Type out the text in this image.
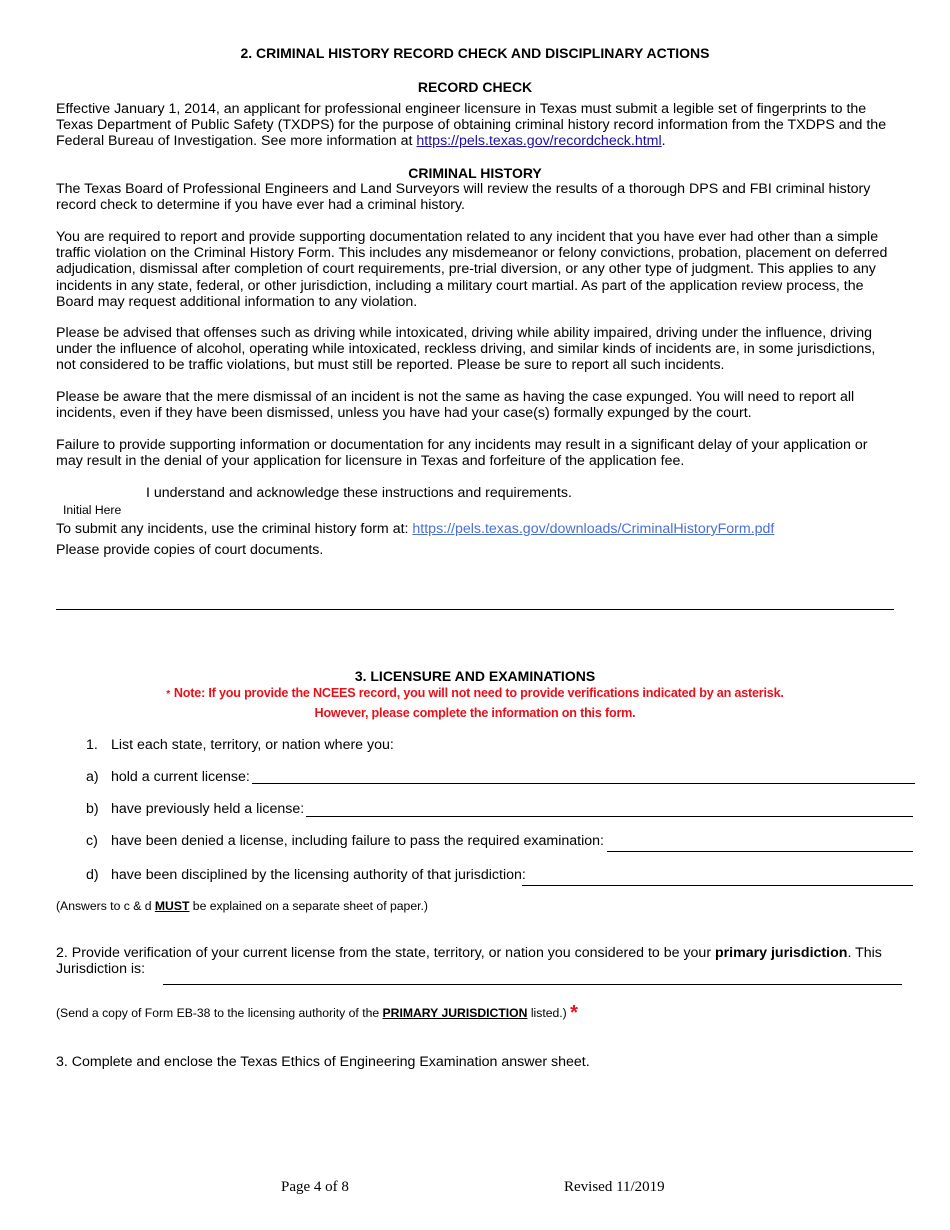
2. CRIMINAL HISTORY RECORD CHECK AND DISCIPLINARY ACTIONS
RECORD CHECK
Effective January 1, 2014, an applicant for professional engineer licensure in Texas must submit a legible set of fingerprints to the Texas Department of Public Safety (TXDPS) for the purpose of obtaining criminal history record information from the TXDPS and the Federal Bureau of Investigation. See more information at https://pels.texas.gov/recordcheck.html.
CRIMINAL HISTORY
The Texas Board of Professional Engineers and Land Surveyors will review the results of a thorough DPS and FBI criminal history record check to determine if you have ever had a criminal history.
You are required to report and provide supporting documentation related to any incident that you have ever had other than a simple traffic violation on the Criminal History Form. This includes any misdemeanor or felony convictions, probation, placement on deferred adjudication, dismissal after completion of court requirements, pre-trial diversion, or any other type of judgment. This applies to any incidents in any state, federal, or other jurisdiction, including a military court martial. As part of the application review process, the Board may request additional information to any violation.
Please be advised that offenses such as driving while intoxicated, driving while ability impaired, driving under the influence, driving under the influence of alcohol, operating while intoxicated, reckless driving, and similar kinds of incidents are, in some jurisdictions, not considered to be traffic violations, but must still be reported. Please be sure to report all such incidents.
Please be aware that the mere dismissal of an incident is not the same as having the case expunged. You will need to report all incidents, even if they have been dismissed, unless you have had your case(s) formally expunged by the court.
Failure to provide supporting information or documentation for any incidents may result in a significant delay of your application or may result in the denial of your application for licensure in Texas and forfeiture of the application fee.
I understand and acknowledge these instructions and requirements.
Initial Here
To submit any incidents, use the criminal history form at: https://pels.texas.gov/downloads/CriminalHistoryForm.pdf
Please provide copies of court documents.
3. LICENSURE AND EXAMINATIONS
* Note: If you provide the NCEES record, you will not need to provide verifications indicated by an asterisk.
However, please complete the information on this form.
1. List each state, territory, or nation where you:
a) hold a current license:
b) have previously held a license:
c) have been denied a license, including failure to pass the required examination:
d) have been disciplined by the licensing authority of that jurisdiction:
(Answers to c & d MUST be explained on a separate sheet of paper.)
2. Provide verification of your current license from the state, territory, or nation you considered to be your primary jurisdiction. This
Jurisdiction is:
(Send a copy of Form EB-38 to the licensing authority of the PRIMARY JURISDICTION listed.) *
3. Complete and enclose the Texas Ethics of Engineering Examination answer sheet.
Page 4 of 8	Revised 11/2019
